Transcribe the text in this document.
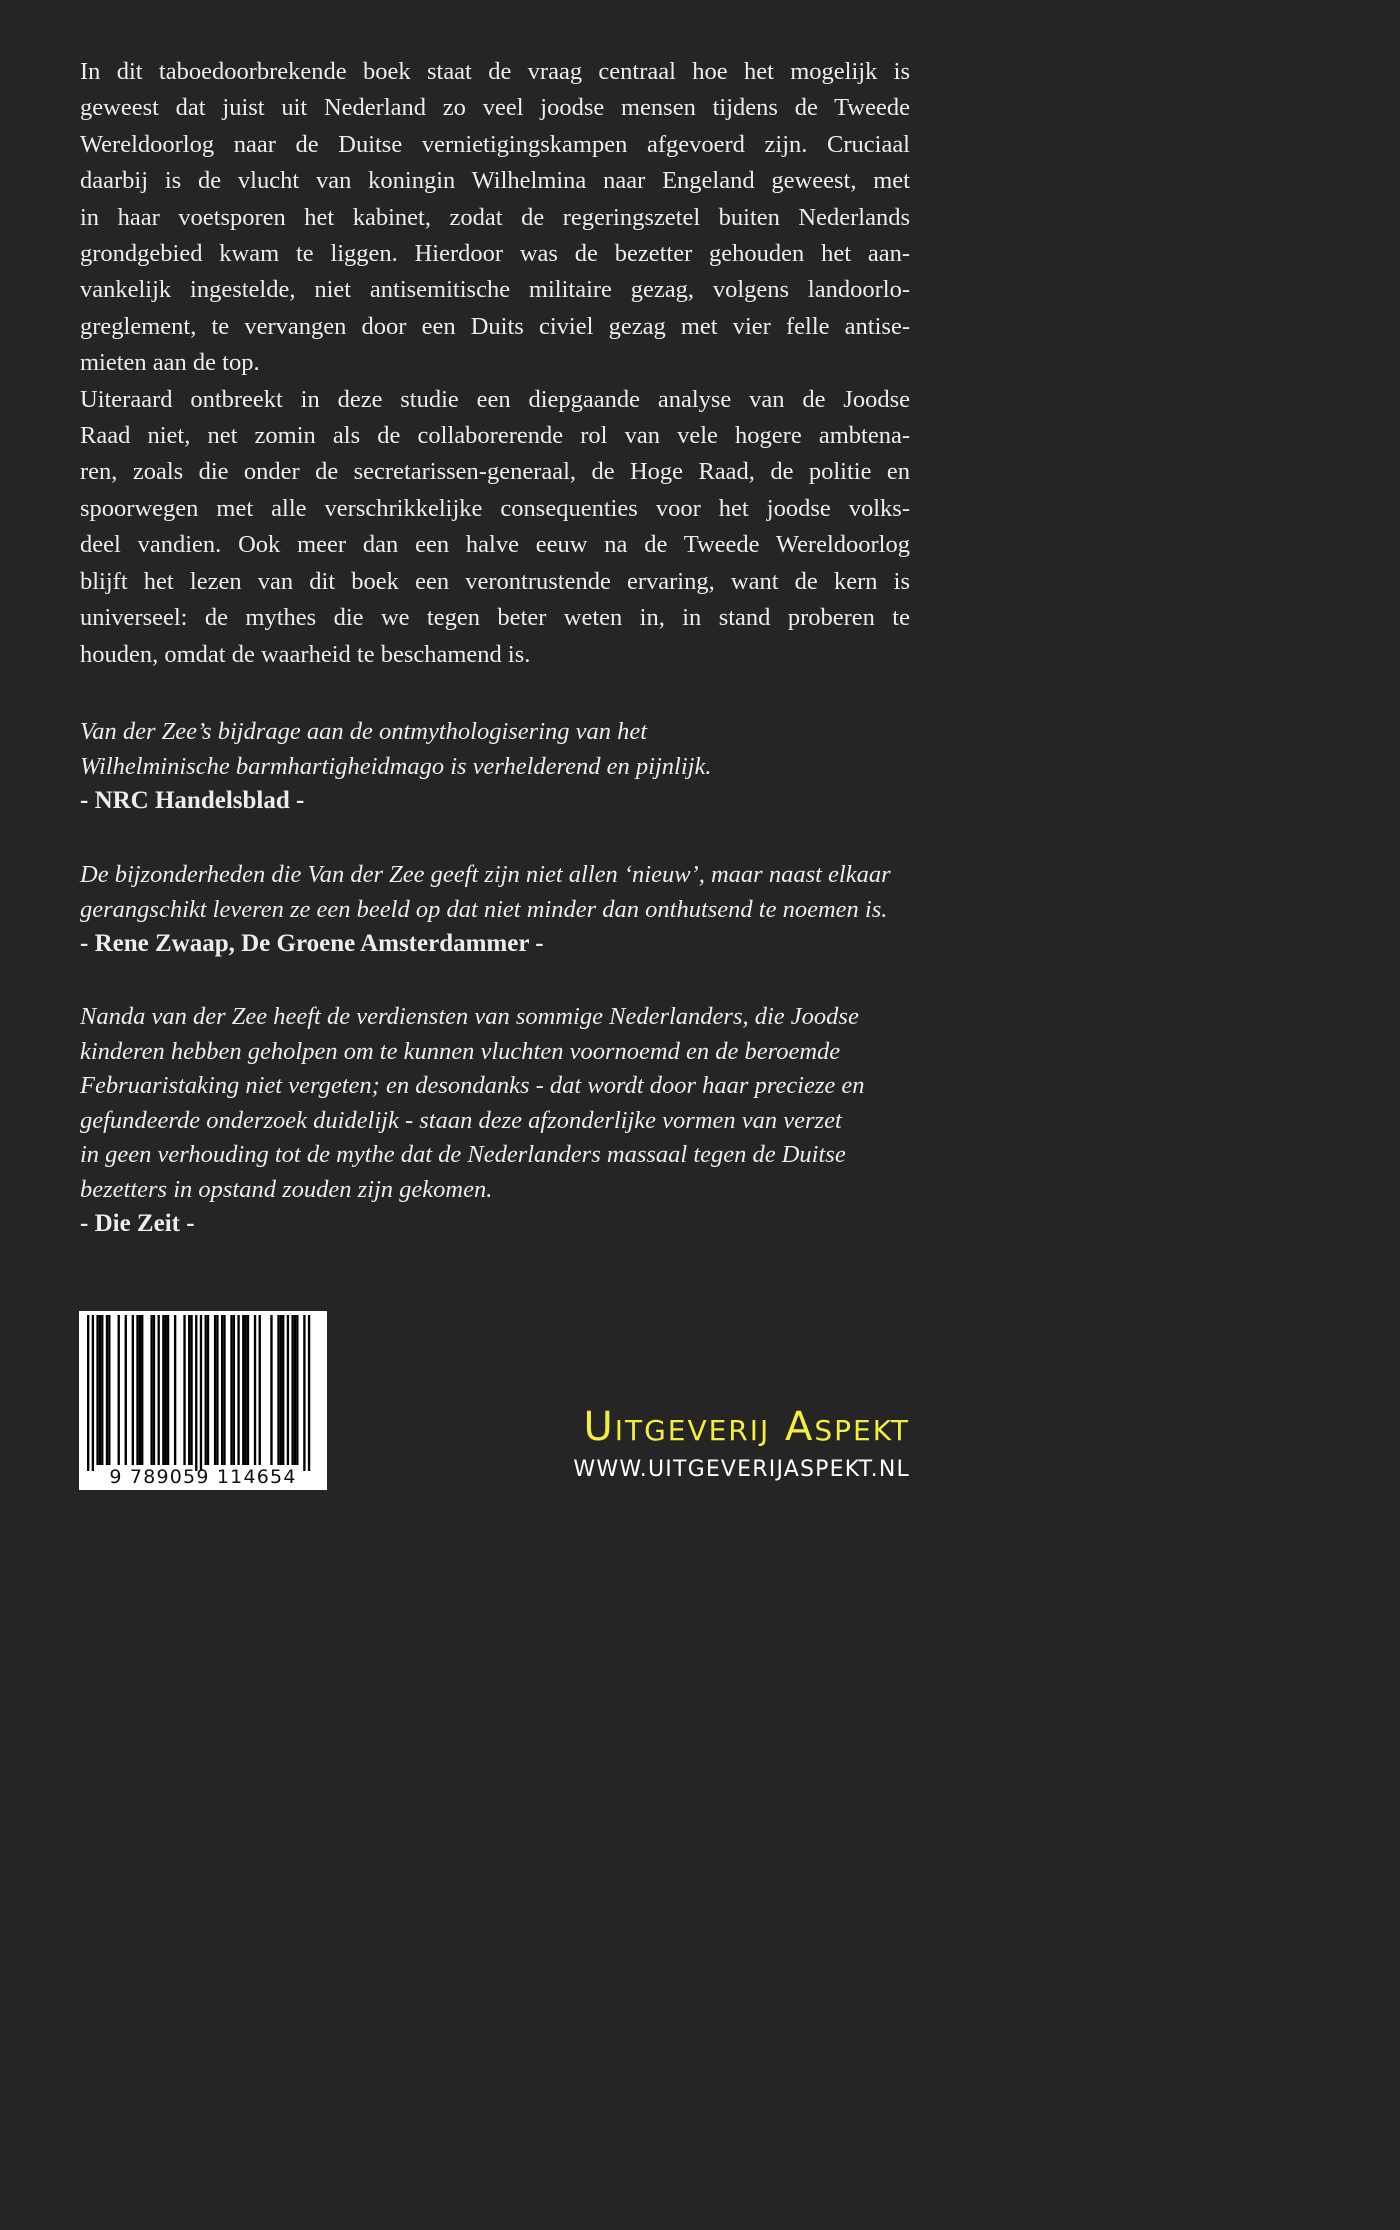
In dit taboedoorbrekende boek staat de vraag centraal hoe het mogelijk is
geweest dat juist uit Nederland zo veel joodse mensen tijdens de Tweede
Wereldoorlog naar de Duitse vernietigingskampen afgevoerd zijn. Cruciaal
daarbij is de vlucht van koningin Wilhelmina naar Engeland geweest, met
in haar voetsporen het kabinet, zodat de regeringszetel buiten Nederlands
grondgebied kwam te liggen. Hierdoor was de bezetter gehouden het aan-
vankelijk ingestelde, niet antisemitische militaire gezag, volgens landoorlo-
greglement, te vervangen door een Duits civiel gezag met vier felle antise-
mieten aan de top.

Uiteraard ontbreekt in deze studie een diepgaande analyse van de Joodse
Raad niet, net zomin als de collaborerende rol van vele hogere ambtena-
ren, zoals die onder de secretarissen-generaal, de Hoge Raad, de politie en
spoorwegen met alle verschrikkelijke consequenties voor het joodse volks-
deel vandien. Ook meer dan een halve eeuw na de Tweede Wereldoorlog
blijft het lezen van dit boek een verontrustende ervaring, want de kern is
universeel: de mythes die we tegen beter weten in, in stand proberen te
houden, omdat de waarheid te beschamend is.

Van der Zee’s bijdrage aan de ontmythologisering van het
Wilhelminische barmhartigheidmago is verhelderend en pijnlijk.

- NRC Handelsblad -

De bijzonderheden die Van der Zee geeft zijn niet allen ‘nieuw’, maar naast elkaar
gerangschikt leveren ze een beeld op dat niet minder dan onthutsend te noemen is.

- Rene Zwaap, De Groene Amsterdammer -

Nanda van der Zee heeft de verdiensten van sommige Nederlanders, die Joodse
kinderen hebben geholpen om te kunnen vluchten voornoemd en de beroemde
Februaristaking niet vergeten; en desondanks - dat wordt door haar precieze en
gefundeerde onderzoek duidelijk - staan deze afzonderlijke vormen van verzet
in geen verhouding tot de mythe dat de Nederlanders massaal tegen de Duitse
bezetters in opstand zouden zijn gekomen.

- Die Zeit -

9 789059 114654
Uitgeverij Aspekt
WWW.UITGEVERIJASPEKT.NL
